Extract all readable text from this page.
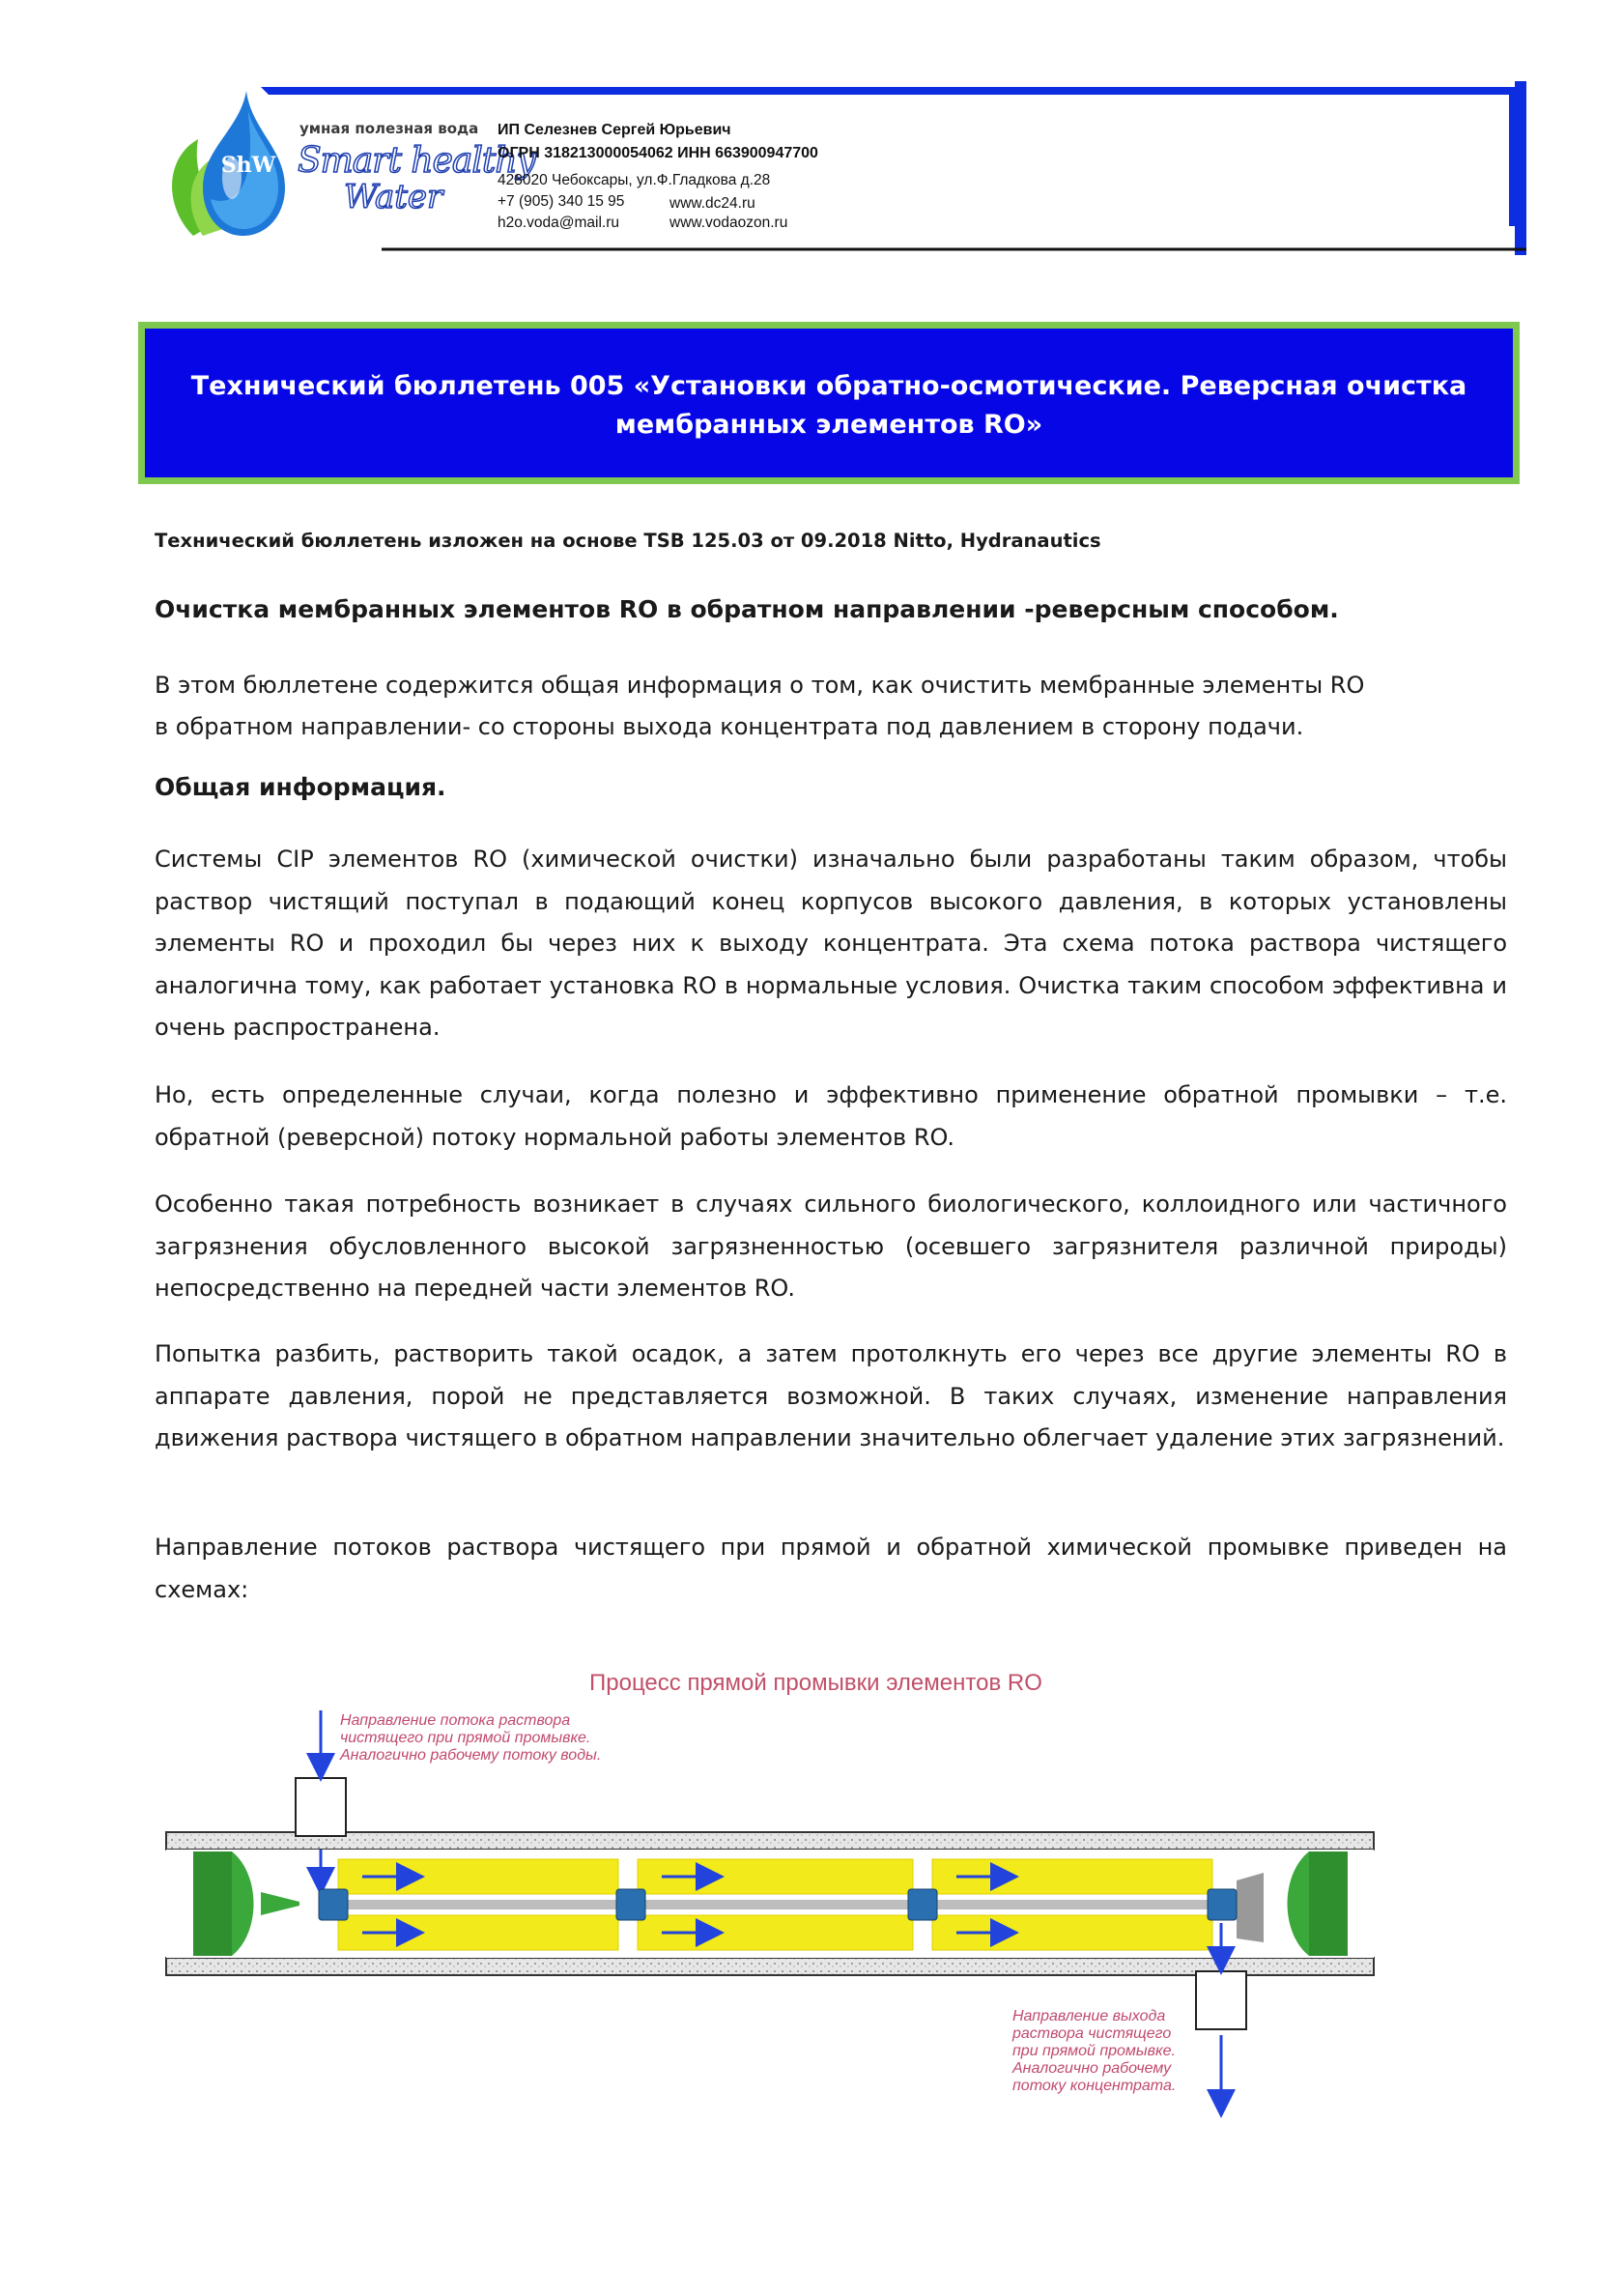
ShW
умная полезная вода
Smart healthy
Water
ИП Селезнев Сергей Юрьевич
ОГРН 318213000054062 ИНН 663900947700
428020 Чебоксары, ул.Ф.Гладкова д.28
+7 (905) 340 15 95	www.dc24.ru
h2o.voda@mail.ru	www.vodaozon.ru
Технический бюллетень 005 «Установки обратно-осмотические. Реверсная очистка
мембранных элементов RO»
Технический бюллетень изложен на основе TSB 125.03 от 09.2018 Nitto, Hydranautics
Очистка мембранных элементов RO в обратном направлении -реверсным способом.
В этом бюллетене содержится общая информация о том, как очистить мембранные элементы RO
в обратном направлении- со стороны выхода концентрата под давлением в сторону подачи.
Общая информация.
Системы CIP элементов RO (химической очистки) изначально были разработаны таким образом, чтобы раствор чистящий поступал в подающий конец корпусов высокого давления, в которых установлены элементы RO и проходил бы через них к выходу концентрата. Эта схема потока раствора чистящего аналогична тому, как работает установка RO в нормальные условия. Очистка таким способом эффективна и очень распространена.
Но, есть определенные случаи, когда полезно и эффективно применение обратной промывки – т.е. обратной (реверсной) потоку нормальной работы элементов RO.
Особенно такая потребность возникает в случаях сильного биологического, коллоидного или частичного загрязнения обусловленного высокой загрязненностью (осевшего загрязнителя различной природы) непосредственно на передней части элементов RO.
Попытка разбить, растворить такой осадок, а затем протолкнуть его через все другие элементы RO в аппарате давления, порой не представляется возможной. В таких случаях, изменение направления движения раствора чистящего в обратном направлении значительно облегчает удаление этих загрязнений.
Направление потоков раствора чистящего при прямой и обратной химической промывке приведен на схемах:
Процесс прямой промывки элементов RO
Направление потока раствора
чистящего при прямой промывке.
Аналогично рабочему потоку воды.
Направление выхода
раствора чистящего
при прямой промывке.
Аналогично рабочему
потоку концентрата.
